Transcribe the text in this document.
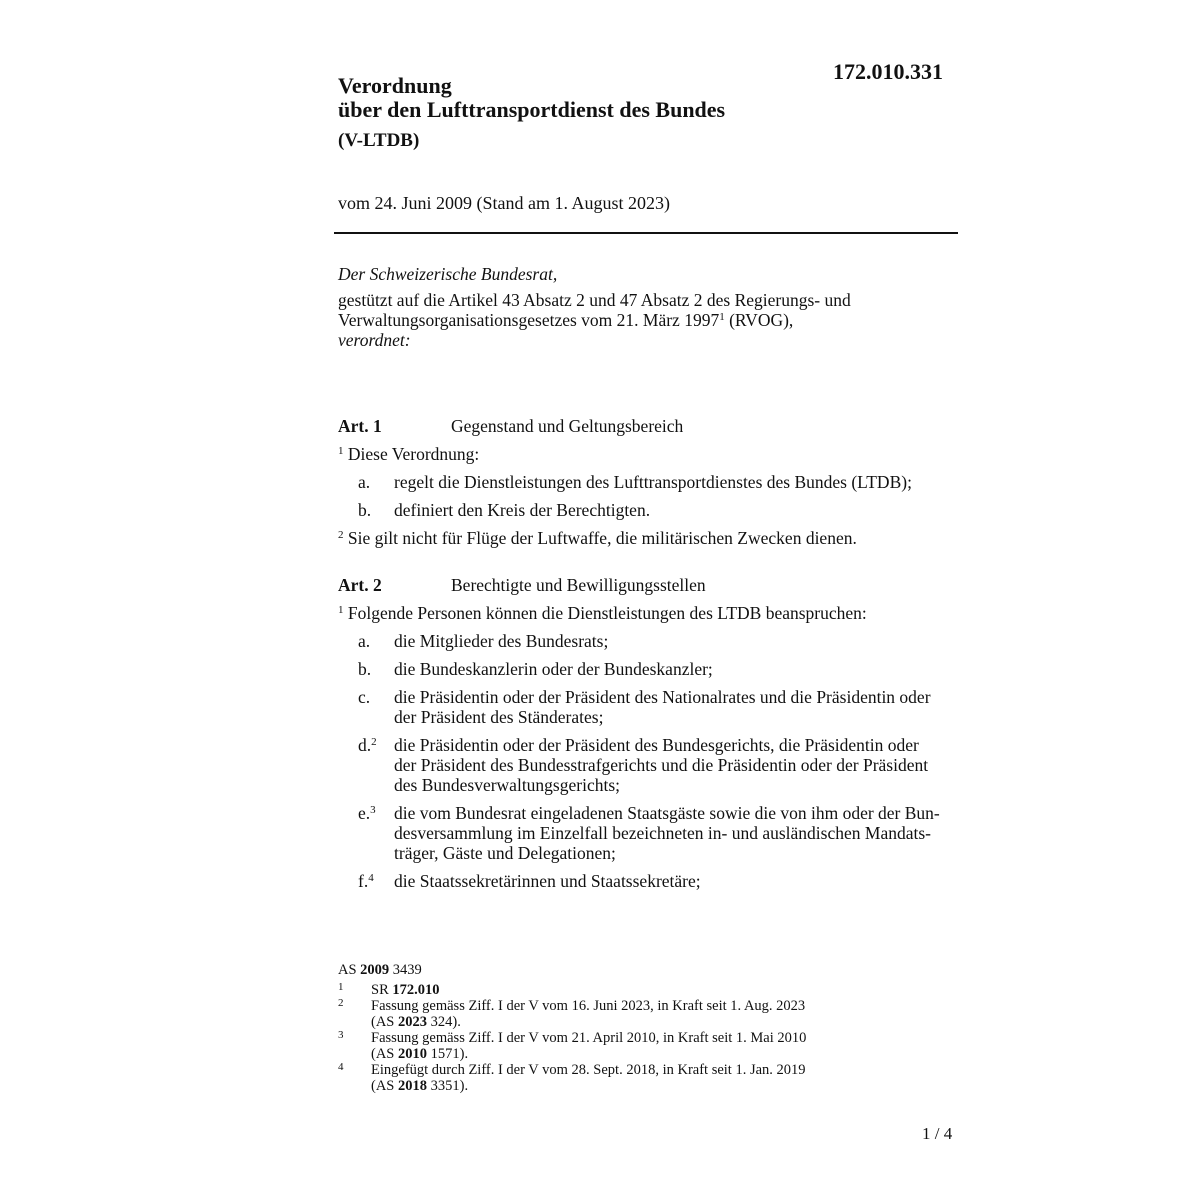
172.010.331
Verordnung
über den Lufttransportdienst des Bundes
(V-LTDB)
vom 24. Juni 2009 (Stand am 1. August 2023)

Der Schweizerische Bundesrat,

gestützt auf die Artikel 43 Absatz 2 und 47 Absatz 2 des Regierungs- und

Verwaltungsorganisationsgesetzes vom 21. März 1997$^1$ (RVOG),

verordnet:

Art. 1	Gegenstand und Geltungsbereich
$^1$ Diese Verordnung:
a. regelt die Dienstleistungen des Lufttransportdienstes des Bundes (LTDB);
b. definiert den Kreis der Berechtigten.
$^2$ Sie gilt nicht für Flüge der Luftwaffe, die militärischen Zwecken dienen.
Art. 2	Berechtigte und Bewilligungsstellen
$^1$ Folgende Personen können die Dienstleistungen des LTDB beanspruchen:
a. die Mitglieder des Bundesrats;
b. die Bundeskanzlerin oder der Bundeskanzler;
c. die Präsidentin oder der Präsident des Nationalrates und die Präsidentin oder
der Präsident des Ständerates;
d.$^2$ die Präsidentin oder der Präsident des Bundesgerichts, die Präsidentin oder
der Präsident des Bundesstrafgerichts und die Präsidentin oder der Präsident
des Bundesverwaltungsgerichts;
e.$^3$ die vom Bundesrat eingeladenen Staatsgäste sowie die von ihm oder der Bun-
desversammlung im Einzelfall bezeichneten in- und ausländischen Mandats-
träger, Gäste und Delegationen;
f.$^4$ die Staatssekretärinnen und Staatssekretäre;
AS 2009 3439
1 SR 172.010
2 Fassung gemäss Ziff. I der V vom 16. Juni 2023, in Kraft seit 1. Aug. 2023
(AS 2023 324).
3 Fassung gemäss Ziff. I der V vom 21. April 2010, in Kraft seit 1. Mai 2010
(AS 2010 1571).
4 Eingefügt durch Ziff. I der V vom 28. Sept. 2018, in Kraft seit 1. Jan. 2019
(AS 2018 3351).
1 / 4
